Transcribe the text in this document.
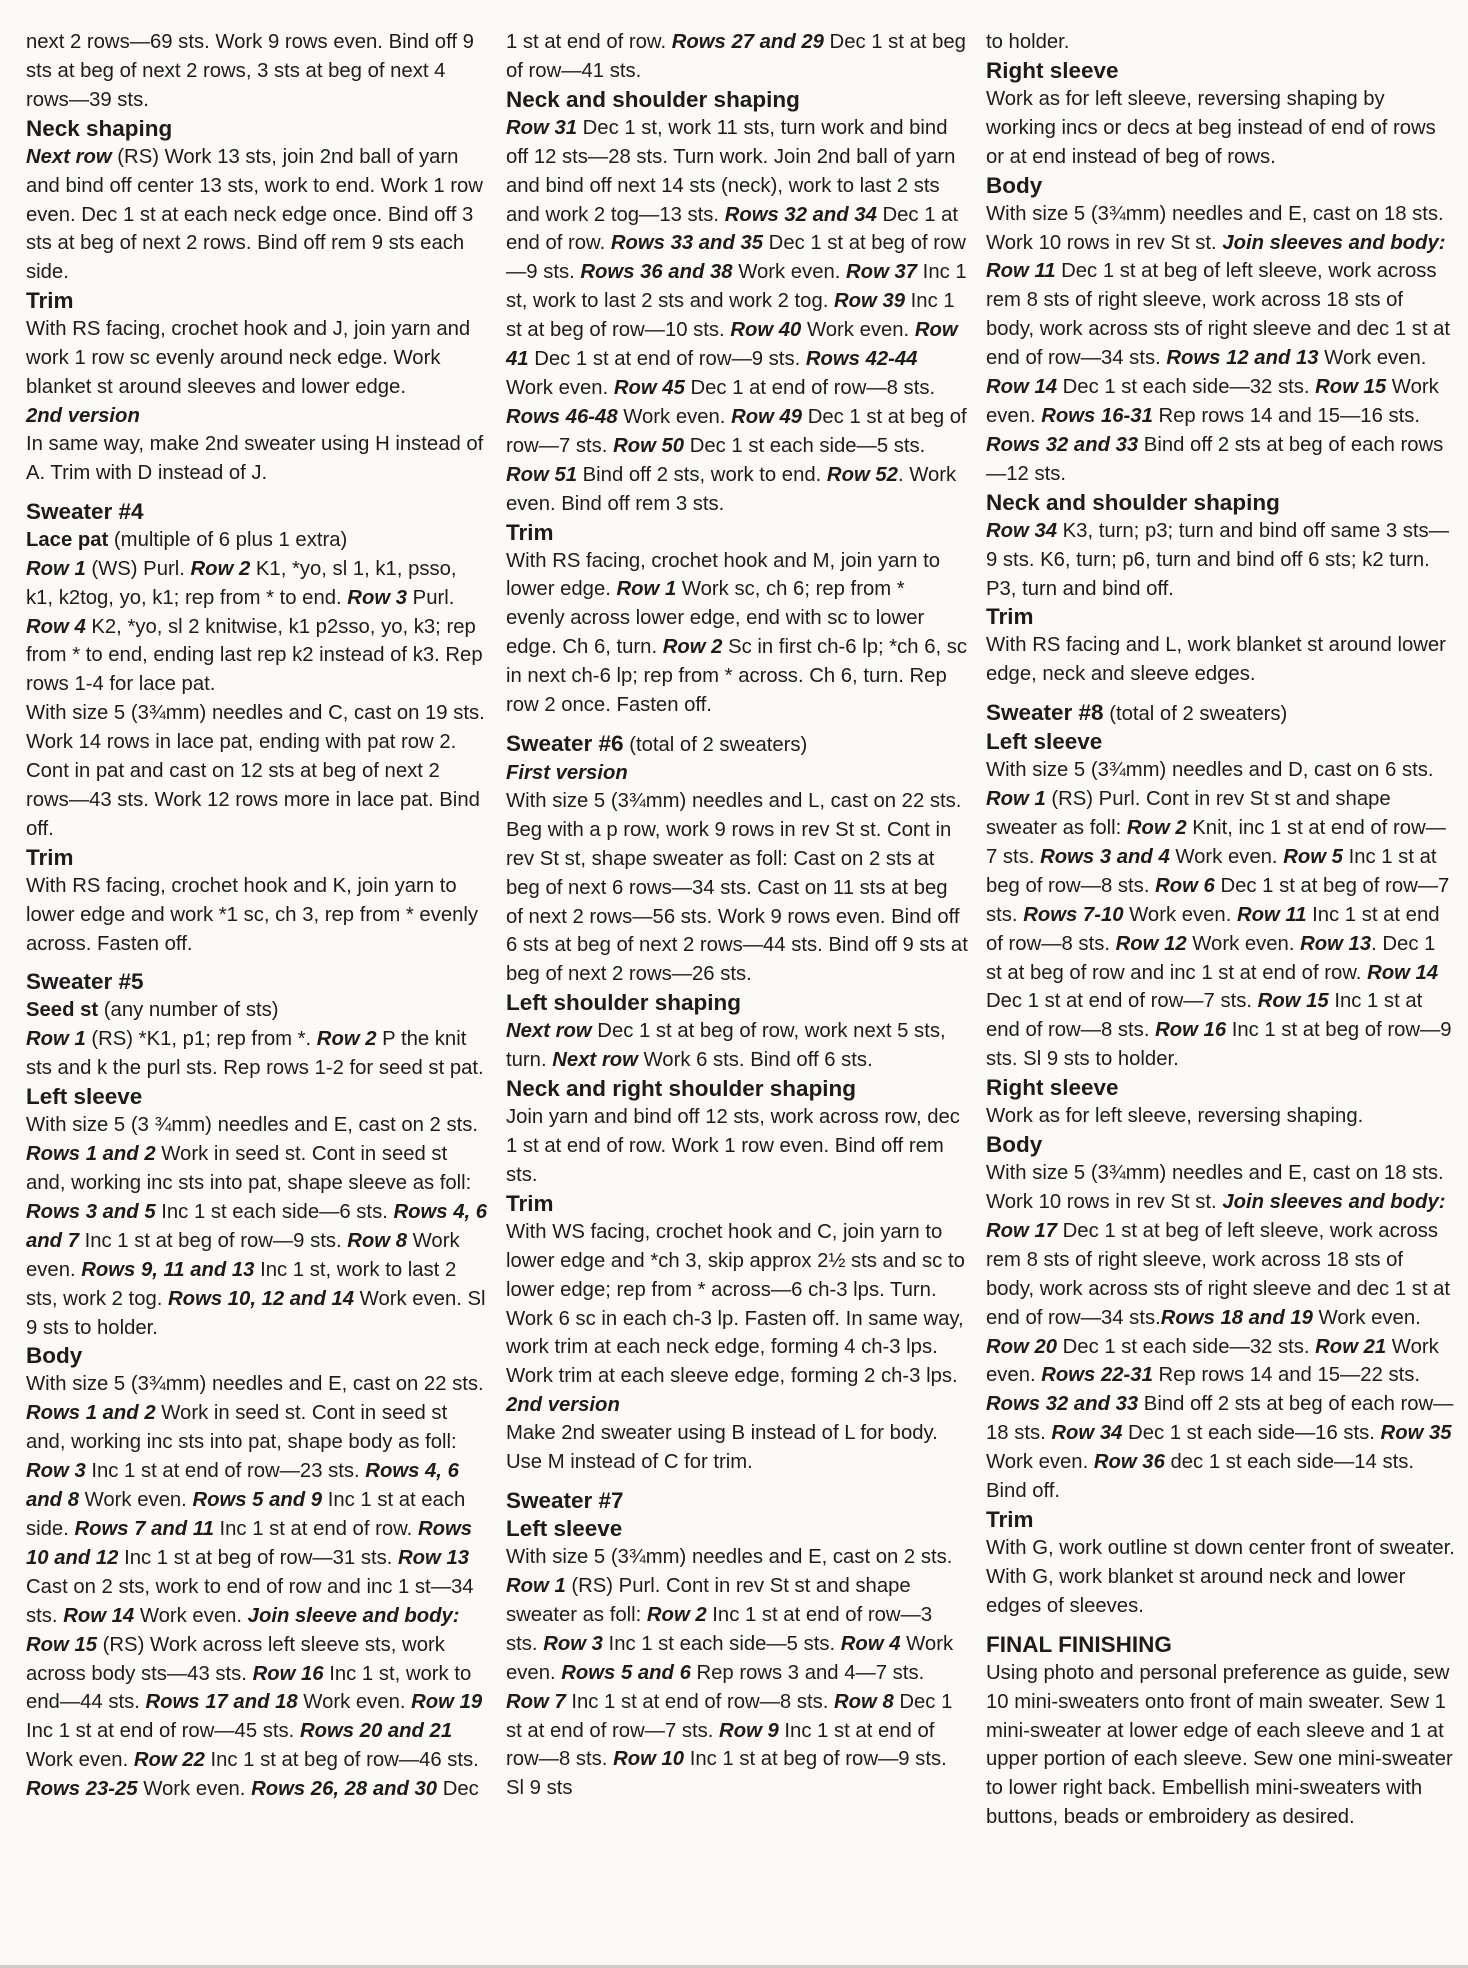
next 2 rows—69 sts. Work 9 rows even. Bind off 9 sts at beg of next 2 rows, 3 sts at beg of next 4 rows—39 sts.
Neck shaping
Next row (RS) Work 13 sts, join 2nd ball of yarn and bind off center 13 sts, work to end. Work 1 row even. Dec 1 st at each neck edge once. Bind off 3 sts at beg of next 2 rows. Bind off rem 9 sts each side.
Trim
With RS facing, crochet hook and J, join yarn and work 1 row sc evenly around neck edge. Work blanket st around sleeves and lower edge.
2nd version
In same way, make 2nd sweater using H instead of A. Trim with D instead of J.
Sweater #4
Lace pat (multiple of 6 plus 1 extra)
Row 1 (WS) Purl. Row 2 K1, *yo, sl 1, k1, psso, k1, k2tog, yo, k1; rep from * to end. Row 3 Purl. Row 4 K2, *yo, sl 2 knitwise, k1 p2sso, yo, k3; rep from * to end, ending last rep k2 instead of k3. Rep rows 1-4 for lace pat.
With size 5 (3¾mm) needles and C, cast on 19 sts. Work 14 rows in lace pat, ending with pat row 2. Cont in pat and cast on 12 sts at beg of next 2 rows—43 sts. Work 12 rows more in lace pat. Bind off.
Trim
With RS facing, crochet hook and K, join yarn to lower edge and work *1 sc, ch 3, rep from * evenly across. Fasten off.
Sweater #5
Seed st (any number of sts)
Row 1 (RS) *K1, p1; rep from *. Row 2 P the knit sts and k the purl sts. Rep rows 1-2 for seed st pat.
Left sleeve
With size 5 (3 ¾mm) needles and E, cast on 2 sts. Rows 1 and 2 Work in seed st. Cont in seed st and, working inc sts into pat, shape sleeve as foll: Rows 3 and 5 Inc 1 st each side—6 sts. Rows 4, 6 and 7 Inc 1 st at beg of row—9 sts. Row 8 Work even. Rows 9, 11 and 13 Inc 1 st, work to last 2 sts, work 2 tog. Rows 10, 12 and 14 Work even. Sl 9 sts to holder.
Body
With size 5 (3¾mm) needles and E, cast on 22 sts. Rows 1 and 2 Work in seed st. Cont in seed st and, working inc sts into pat, shape body as foll: Row 3 Inc 1 st at end of row—23 sts. Rows 4, 6 and 8 Work even. Rows 5 and 9 Inc 1 st at each side. Rows 7 and 11 Inc 1 st at end of row. Rows 10 and 12 Inc 1 st at beg of row—31 sts. Row 13 Cast on 2 sts, work to end of row and inc 1 st—34 sts. Row 14 Work even. Join sleeve and body: Row 15 (RS) Work across left sleeve sts, work across body sts—43 sts. Row 16 Inc 1 st, work to end—44 sts. Rows 17 and 18 Work even. Row 19 Inc 1 st at end of row—45 sts. Rows 20 and 21 Work even. Row 22 Inc 1 st at beg of row—46 sts. Rows 23-25 Work even. Rows 26, 28 and 30 Dec
1 st at end of row. Rows 27 and 29 Dec 1 st at beg of row—41 sts.
Neck and shoulder shaping
Row 31 Dec 1 st, work 11 sts, turn work and bind off 12 sts—28 sts. Turn work. Join 2nd ball of yarn and bind off next 14 sts (neck), work to last 2 sts and work 2 tog—13 sts. Rows 32 and 34 Dec 1 at end of row. Rows 33 and 35 Dec 1 st at beg of row—9 sts. Rows 36 and 38 Work even. Row 37 Inc 1 st, work to last 2 sts and work 2 tog. Row 39 Inc 1 st at beg of row—10 sts. Row 40 Work even. Row 41 Dec 1 st at end of row—9 sts. Rows 42-44 Work even. Row 45 Dec 1 at end of row—8 sts. Rows 46-48 Work even. Row 49 Dec 1 st at beg of row—7 sts. Row 50 Dec 1 st each side—5 sts. Row 51 Bind off 2 sts, work to end. Row 52. Work even. Bind off rem 3 sts.
Trim
With RS facing, crochet hook and M, join yarn to lower edge. Row 1 Work sc, ch 6; rep from * evenly across lower edge, end with sc to lower edge. Ch 6, turn. Row 2 Sc in first ch-6 lp; *ch 6, sc in next ch-6 lp; rep from * across. Ch 6, turn. Rep row 2 once. Fasten off.
Sweater #6 (total of 2 sweaters)
First version
With size 5 (3¾mm) needles and L, cast on 22 sts. Beg with a p row, work 9 rows in rev St st. Cont in rev St st, shape sweater as foll: Cast on 2 sts at beg of next 6 rows—34 sts. Cast on 11 sts at beg of next 2 rows—56 sts. Work 9 rows even. Bind off 6 sts at beg of next 2 rows—44 sts. Bind off 9 sts at beg of next 2 rows—26 sts.
Left shoulder shaping
Next row Dec 1 st at beg of row, work next 5 sts, turn. Next row Work 6 sts. Bind off 6 sts.
Neck and right shoulder shaping
Join yarn and bind off 12 sts, work across row, dec 1 st at end of row. Work 1 row even. Bind off rem sts.
Trim
With WS facing, crochet hook and C, join yarn to lower edge and *ch 3, skip approx 2½ sts and sc to lower edge; rep from * across—6 ch-3 lps. Turn. Work 6 sc in each ch-3 lp. Fasten off. In same way, work trim at each neck edge, forming 4 ch-3 lps. Work trim at each sleeve edge, forming 2 ch-3 lps.
2nd version
Make 2nd sweater using B instead of L for body. Use M instead of C for trim.
Sweater #7
Left sleeve
With size 5 (3¾mm) needles and E, cast on 2 sts. Row 1 (RS) Purl. Cont in rev St st and shape sweater as foll: Row 2 Inc 1 st at end of row—3 sts. Row 3 Inc 1 st each side—5 sts. Row 4 Work even. Rows 5 and 6 Rep rows 3 and 4—7 sts. Row 7 Inc 1 st at end of row—8 sts. Row 8 Dec 1 st at end of row—7 sts. Row 9 Inc 1 st at end of row—8 sts. Row 10 Inc 1 st at beg of row—9 sts. Sl 9 sts
to holder.
Right sleeve
Work as for left sleeve, reversing shaping by working incs or decs at beg instead of end of rows or at end instead of beg of rows.
Body
With size 5 (3¾mm) needles and E, cast on 18 sts. Work 10 rows in rev St st. Join sleeves and body: Row 11 Dec 1 st at beg of left sleeve, work across rem 8 sts of right sleeve, work across 18 sts of body, work across sts of right sleeve and dec 1 st at end of row—34 sts. Rows 12 and 13 Work even. Row 14 Dec 1 st each side—32 sts. Row 15 Work even. Rows 16-31 Rep rows 14 and 15—16 sts. Rows 32 and 33 Bind off 2 sts at beg of each rows—12 sts.
Neck and shoulder shaping
Row 34 K3, turn; p3; turn and bind off same 3 sts—9 sts. K6, turn; p6, turn and bind off 6 sts; k2 turn. P3, turn and bind off.
Trim
With RS facing and L, work blanket st around lower edge, neck and sleeve edges.
Sweater #8 (total of 2 sweaters)
Left sleeve
With size 5 (3¾mm) needles and D, cast on 6 sts. Row 1 (RS) Purl. Cont in rev St st and shape sweater as foll: Row 2 Knit, inc 1 st at end of row—7 sts. Rows 3 and 4 Work even. Row 5 Inc 1 st at beg of row—8 sts. Row 6 Dec 1 st at beg of row—7 sts. Rows 7-10 Work even. Row 11 Inc 1 st at end of row—8 sts. Row 12 Work even. Row 13. Dec 1 st at beg of row and inc 1 st at end of row. Row 14 Dec 1 st at end of row—7 sts. Row 15 Inc 1 st at end of row—8 sts. Row 16 Inc 1 st at beg of row—9 sts. Sl 9 sts to holder.
Right sleeve
Work as for left sleeve, reversing shaping.
Body
With size 5 (3¾mm) needles and E, cast on 18 sts. Work 10 rows in rev St st. Join sleeves and body: Row 17 Dec 1 st at beg of left sleeve, work across rem 8 sts of right sleeve, work across 18 sts of body, work across sts of right sleeve and dec 1 st at end of row—34 sts.Rows 18 and 19 Work even. Row 20 Dec 1 st each side—32 sts. Row 21 Work even. Rows 22-31 Rep rows 14 and 15—22 sts. Rows 32 and 33 Bind off 2 sts at beg of each row—18 sts. Row 34 Dec 1 st each side—16 sts. Row 35 Work even. Row 36 dec 1 st each side—14 sts. Bind off.
Trim
With G, work outline st down center front of sweater. With G, work blanket st around neck and lower edges of sleeves.
FINAL FINISHING
Using photo and personal preference as guide, sew 10 mini-sweaters onto front of main sweater. Sew 1 mini-sweater at lower edge of each sleeve and 1 at upper portion of each sleeve. Sew one mini-sweater to lower right back. Embellish mini-sweaters with buttons, beads or embroidery as desired.
